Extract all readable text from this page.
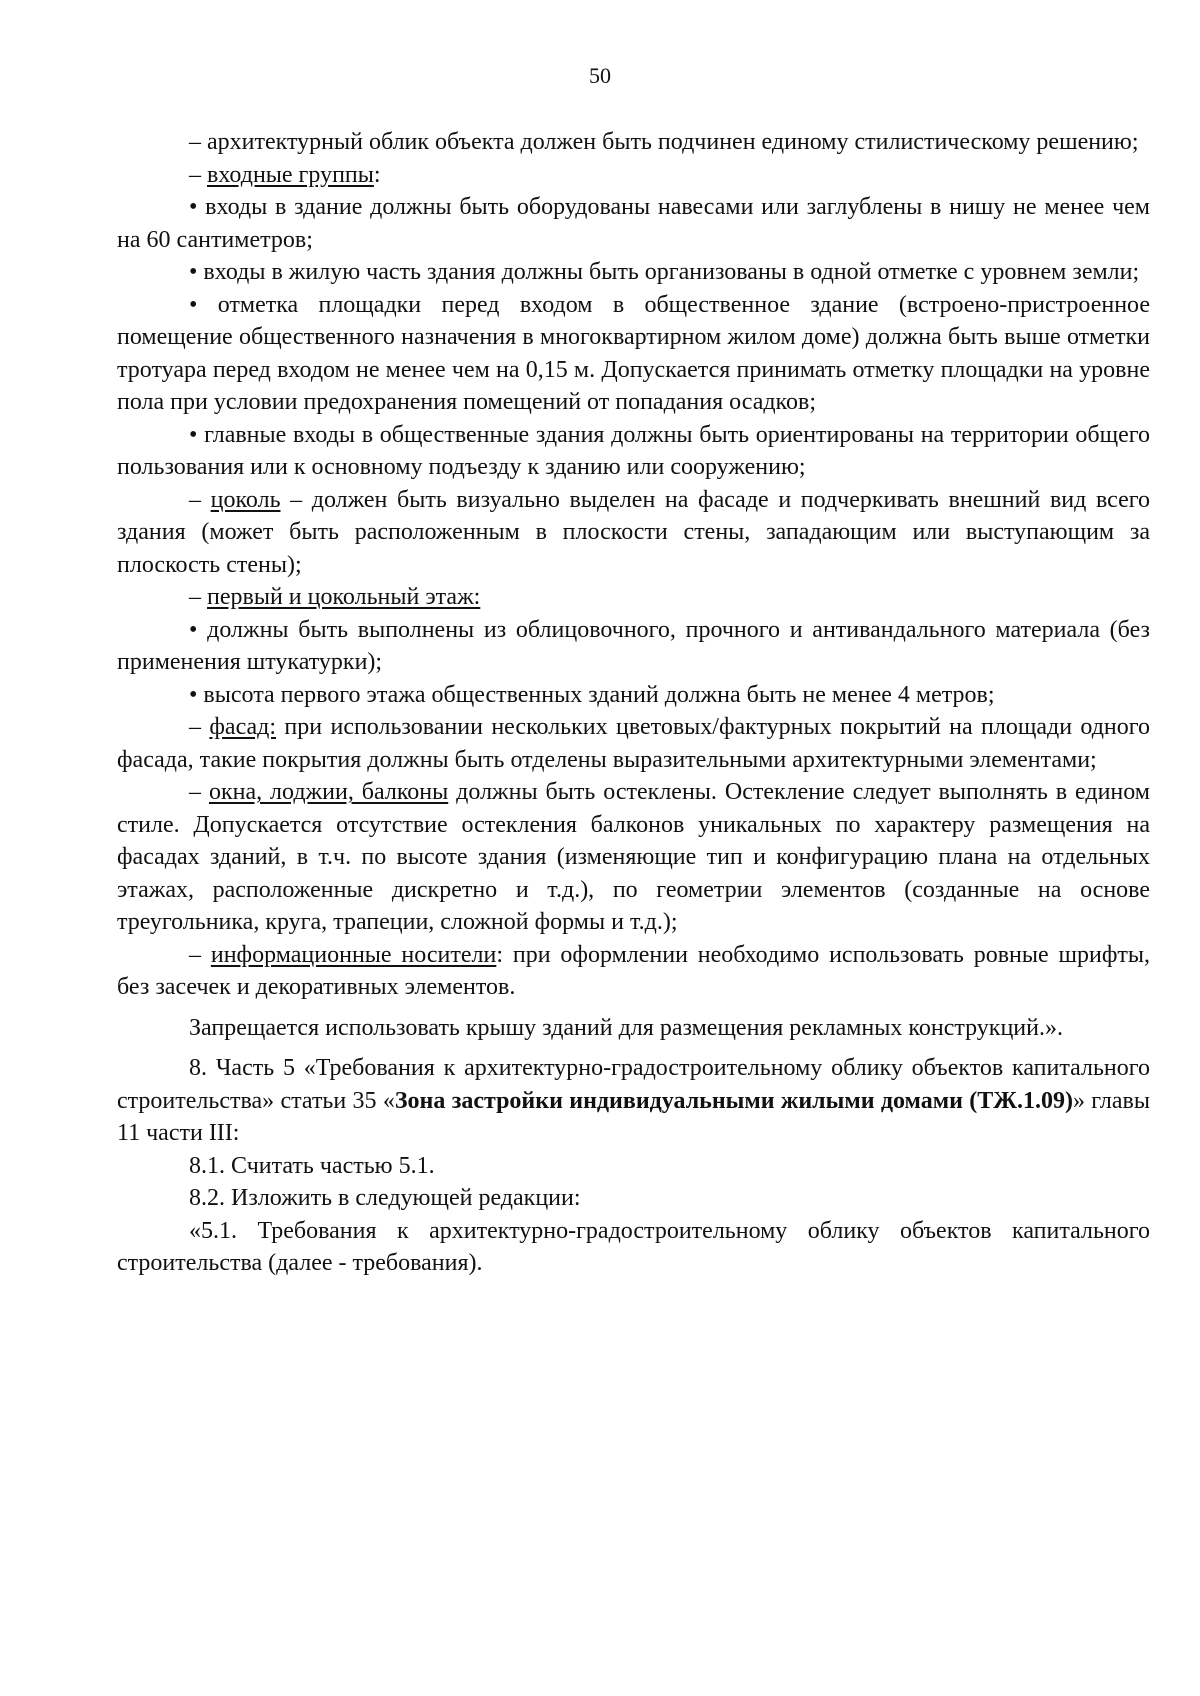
50

– архитектурный облик объекта должен быть подчинен единому стилистическому решению;

– входные группы:

• входы в здание должны быть оборудованы навесами или заглублены в нишу не менее чем на 60 сантиметров;

• входы в жилую часть здания должны быть организованы в одной отметке с уровнем земли;

• отметка площадки перед входом в общественное здание (встроено-пристроенное помещение общественного назначения в многоквартирном жилом доме) должна быть выше отметки тротуара перед входом не менее чем на 0,15 м. Допускается принимать отметку площадки на уровне пола при условии предохранения помещений от попадания осадков;

• главные входы в общественные здания должны быть ориентированы на территории общего пользования или к основному подъезду к зданию или сооружению;

– цоколь – должен быть визуально выделен на фасаде и подчеркивать внешний вид всего здания (может быть расположенным в плоскости стены, западающим или выступающим за плоскость стены);

– первый и цокольный этаж:

• должны быть выполнены из облицовочного, прочного и антивандального материала (без применения штукатурки);

• высота первого этажа общественных зданий должна быть не менее 4 метров;

– фасад: при использовании нескольких цветовых/фактурных покрытий на площади одного фасада, такие покрытия должны быть отделены выразительными архитектурными элементами;

– окна, лоджии, балконы должны быть остеклены. Остекление следует выполнять в едином стиле. Допускается отсутствие остекления балконов уникальных по характеру размещения на фасадах зданий, в т.ч. по высоте здания (изменяющие тип и конфигурацию плана на отдельных этажах, расположенные дискретно и т.д.), по геометрии элементов (созданные на основе треугольника, круга, трапеции, сложной формы и т.д.);

– информационные носители: при оформлении необходимо использовать ровные шрифты, без засечек и декоративных элементов.

Запрещается использовать крышу зданий для размещения рекламных конструкций.».

8. Часть 5 «Требования к архитектурно-градостроительному облику объектов капитального строительства» статьи 35 «Зона застройки индивидуальными жилыми домами (ТЖ.1.09)» главы 11 части III:

8.1. Считать частью 5.1.

8.2. Изложить в следующей редакции:

«5.1. Требования к архитектурно-градостроительному облику объектов капитального строительства (далее - требования).
